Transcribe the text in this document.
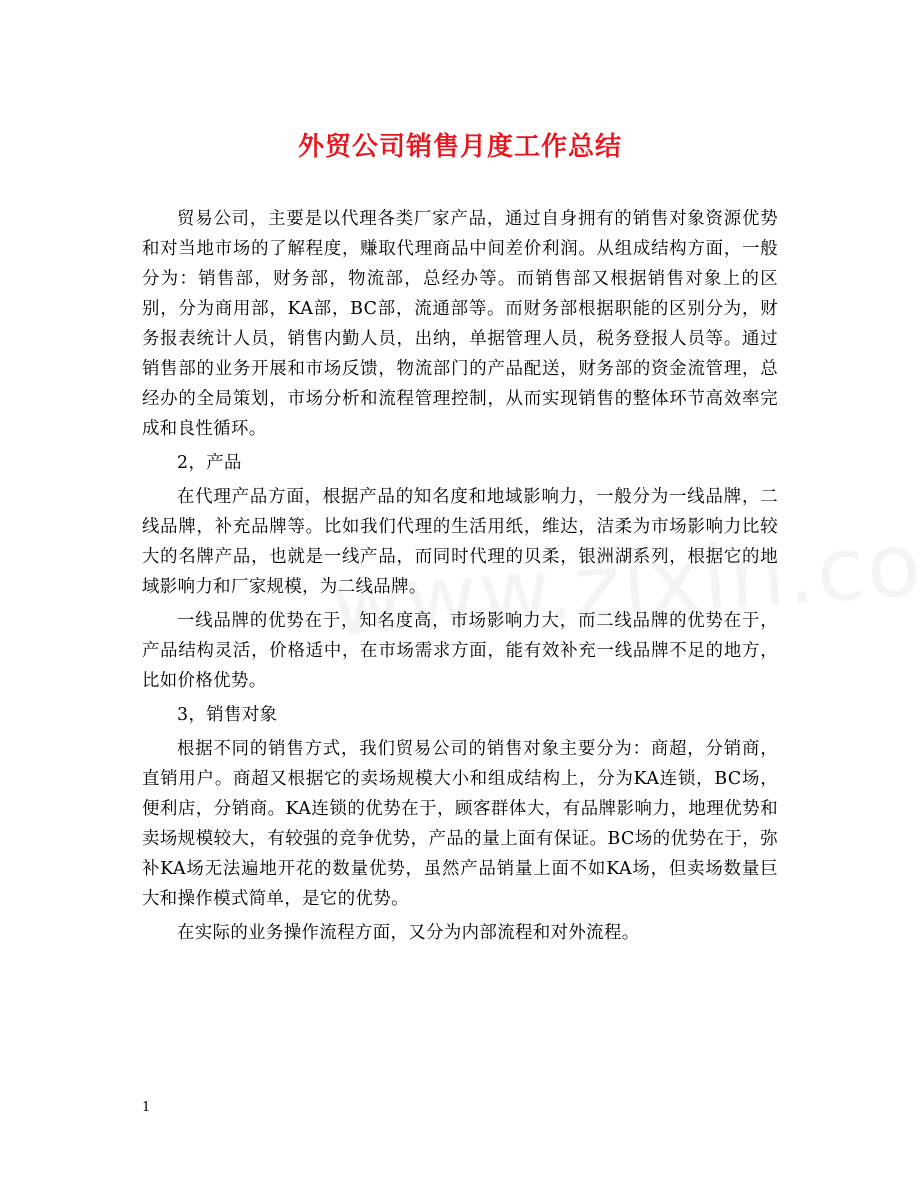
外贸公司销售月度工作总结

贸易公司，主要是以代理各类厂家产品，通过自身拥有的销售对象资源优势和对当地市场的了解程度，赚取代理商品中间差价利润。从组成结构方面，一般分为：销售部，财务部，物流部，总经办等。而销售部又根据销售对象上的区别，分为商用部，KA部，BC部，流通部等。而财务部根据职能的区别分为，财务报表统计人员，销售内勤人员，出纳，单据管理人员，税务登报人员等。通过销售部的业务开展和市场反馈，物流部门的产品配送，财务部的资金流管理，总经办的全局策划，市场分析和流程管理控制，从而实现销售的整体环节高效率完成和良性循环。

2，产品

在代理产品方面，根据产品的知名度和地域影响力，一般分为一线品牌，二线品牌，补充品牌等。比如我们代理的生活用纸，维达，洁柔为市场影响力比较大的名牌产品，也就是一线产品，而同时代理的贝柔，银洲湖系列，根据它的地域影响力和厂家规模，为二线品牌。

一线品牌的优势在于，知名度高，市场影响力大，而二线品牌的优势在于，产品结构灵活，价格适中，在市场需求方面，能有效补充一线品牌不足的地方，比如价格优势。

3，销售对象

根据不同的销售方式，我们贸易公司的销售对象主要分为：商超，分销商，直销用户。商超又根据它的卖场规模大小和组成结构上，分为KA连锁，BC场，便利店，分销商。KA连锁的优势在于，顾客群体大，有品牌影响力，地理优势和卖场规模较大，有较强的竞争优势，产品的量上面有保证。BC场的优势在于，弥补KA场无法遍地开花的数量优势，虽然产品销量上面不如KA场，但卖场数量巨大和操作模式简单，是它的优势。

在实际的业务操作流程方面，又分为内部流程和对外流程。

1
